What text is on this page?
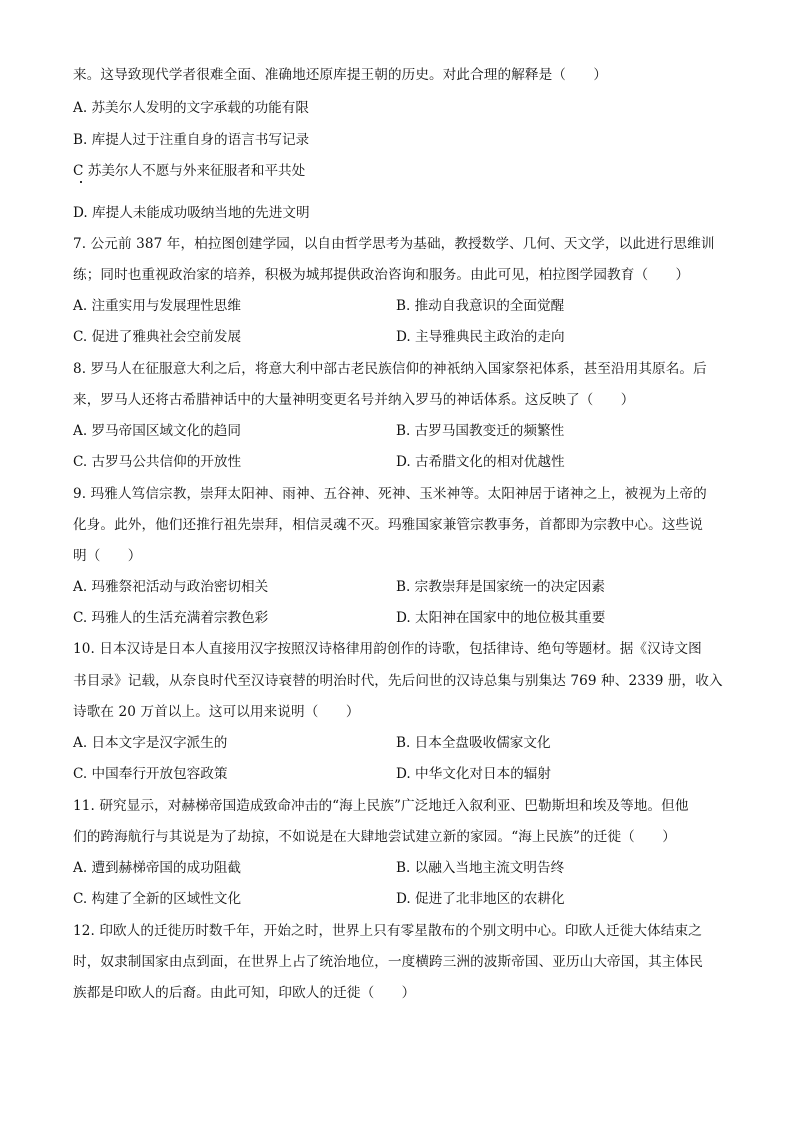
来。这导致现代学者很难全面、准确地还原库提王朝的历史。对此合理的解释是（　　）
A. 苏美尔人发明的文字承载的功能有限
B. 库提人过于注重自身的语言书写记录
C 苏美尔人不愿与外来征服者和平共处
D. 库提人未能成功吸纳当地的先进文明
7. 公元前 387 年，柏拉图创建学园，以自由哲学思考为基础，教授数学、几何、天文学，以此进行思维训
练；同时也重视政治家的培养，积极为城邦提供政治咨询和服务。由此可见，柏拉图学园教育（　　）
A. 注重实用与发展理性思维	B. 推动自我意识的全面觉醒
C. 促进了雅典社会空前发展	D. 主导雅典民主政治的走向
8. 罗马人在征服意大利之后，将意大利中部古老民族信仰的神祇纳入国家祭祀体系，甚至沿用其原名。后
来，罗马人还将古希腊神话中的大量神明变更名号并纳入罗马的神话体系。这反映了（　　）
A. 罗马帝国区域文化的趋同	B. 古罗马国教变迁的频繁性
C. 古罗马公共信仰的开放性	D. 古希腊文化的相对优越性
9. 玛雅人笃信宗教，崇拜太阳神、雨神、五谷神、死神、玉米神等。太阳神居于诸神之上，被视为上帝的
化身。此外，他们还推行祖先崇拜，相信灵魂不灭。玛雅国家兼管宗教事务，首都即为宗教中心。这些说
明（　　）
A. 玛雅祭祀活动与政治密切相关	B. 宗教崇拜是国家统一的决定因素
C. 玛雅人的生活充满着宗教色彩	D. 太阳神在国家中的地位极其重要
10. 日本汉诗是日本人直接用汉字按照汉诗格律用韵创作的诗歌，包括律诗、绝句等题材。据《汉诗文图
书目录》记载，从奈良时代至汉诗衰替的明治时代，先后问世的汉诗总集与别集达 769 种、2339 册，收入
诗歌在 20 万首以上。这可以用来说明（　　）
A. 日本文字是汉字派生的	B. 日本全盘吸收儒家文化
C. 中国奉行开放包容政策	D. 中华文化对日本的辐射
11. 研究显示，对赫梯帝国造成致命冲击的“海上民族”广泛地迁入叙利亚、巴勒斯坦和埃及等地。但他
们的跨海航行与其说是为了劫掠，不如说是在大肆地尝试建立新的家园。“海上民族”的迁徙（　　）
A. 遭到赫梯帝国的成功阻截	B. 以融入当地主流文明告终
C. 构建了全新的区域性文化	D. 促进了北非地区的农耕化
12. 印欧人的迁徙历时数千年，开始之时，世界上只有零星散布的个别文明中心。印欧人迁徙大体结束之
时，奴隶制国家由点到面，在世界上占了统治地位，一度横跨三洲的波斯帝国、亚历山大帝国，其主体民
族都是印欧人的后裔。由此可知，印欧人的迁徙（　　）
